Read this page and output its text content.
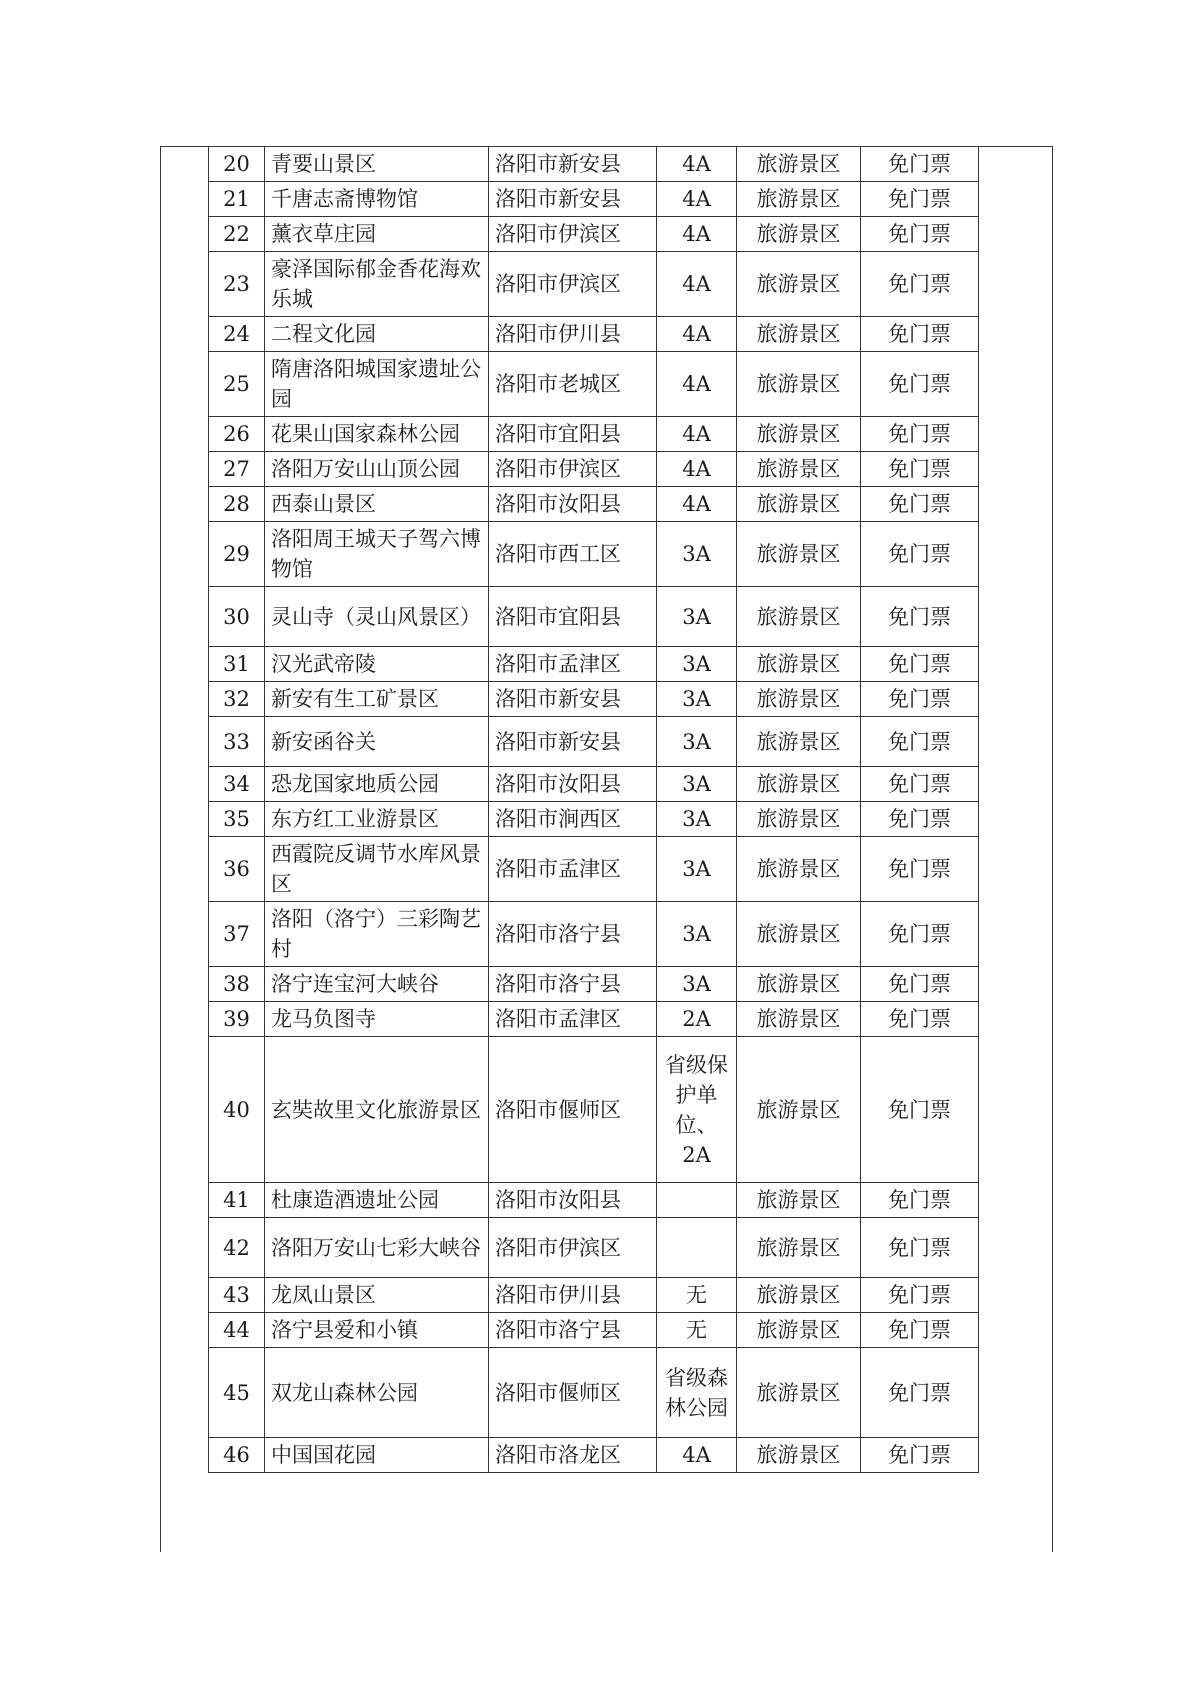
20	青要山景区	洛阳市新安县	4A	旅游景区	免门票
21	千唐志斋博物馆	洛阳市新安县	4A	旅游景区	免门票
22	薰衣草庄园	洛阳市伊滨区	4A	旅游景区	免门票
23	豪泽国际郁金香花海欢乐城	洛阳市伊滨区	4A	旅游景区	免门票
24	二程文化园	洛阳市伊川县	4A	旅游景区	免门票
25	隋唐洛阳城国家遗址公园	洛阳市老城区	4A	旅游景区	免门票
26	花果山国家森林公园	洛阳市宜阳县	4A	旅游景区	免门票
27	洛阳万安山山顶公园	洛阳市伊滨区	4A	旅游景区	免门票
28	西泰山景区	洛阳市汝阳县	4A	旅游景区	免门票
29	洛阳周王城天子驾六博物馆	洛阳市西工区	3A	旅游景区	免门票
30	灵山寺（灵山风景区）	洛阳市宜阳县	3A	旅游景区	免门票
31	汉光武帝陵	洛阳市孟津区	3A	旅游景区	免门票
32	新安有生工矿景区	洛阳市新安县	3A	旅游景区	免门票
33	新安函谷关	洛阳市新安县	3A	旅游景区	免门票
34	恐龙国家地质公园	洛阳市汝阳县	3A	旅游景区	免门票
35	东方红工业游景区	洛阳市涧西区	3A	旅游景区	免门票
36	西霞院反调节水库风景区	洛阳市孟津区	3A	旅游景区	免门票
37	洛阳（洛宁）三彩陶艺村	洛阳市洛宁县	3A	旅游景区	免门票
38	洛宁连宝河大峡谷	洛阳市洛宁县	3A	旅游景区	免门票
39	龙马负图寺	洛阳市孟津区	2A	旅游景区	免门票
40	玄奘故里文化旅游景区	洛阳市偃师区	省级保护单位、2A	旅游景区	免门票
41	杜康造酒遗址公园	洛阳市汝阳县		旅游景区	免门票
42	洛阳万安山七彩大峡谷	洛阳市伊滨区		旅游景区	免门票
43	龙凤山景区	洛阳市伊川县	无	旅游景区	免门票
44	洛宁县爱和小镇	洛阳市洛宁县	无	旅游景区	免门票
45	双龙山森林公园	洛阳市偃师区	省级森林公园	旅游景区	免门票
46	中国国花园	洛阳市洛龙区	4A	旅游景区	免门票
